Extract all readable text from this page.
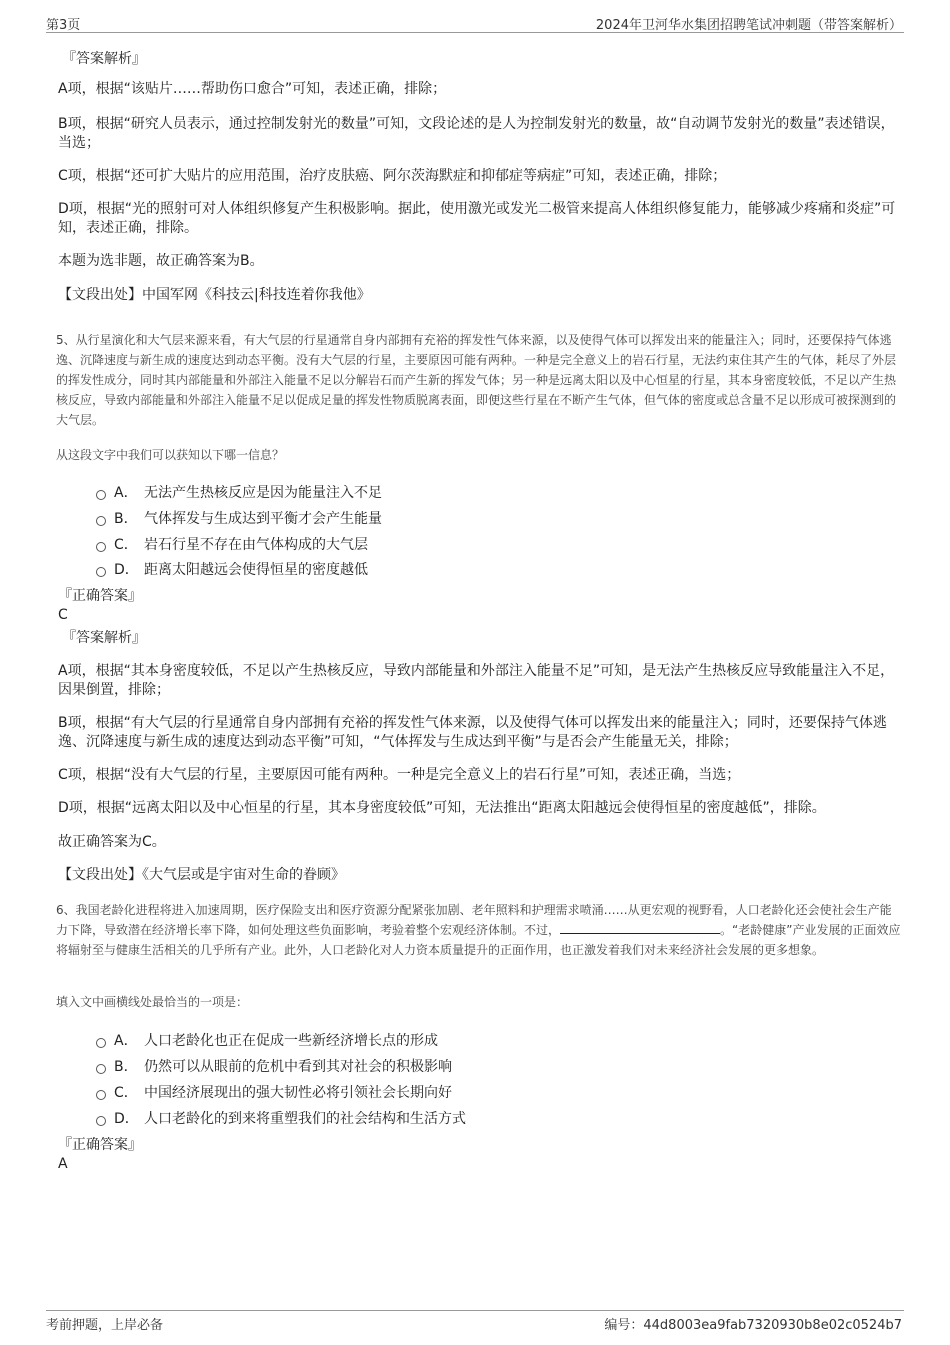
第3页	2024年卫河华水集团招聘笔试冲刺题（带答案解析）
『答案解析』
A项，根据“该贴片……帮助伤口愈合”可知，表述正确，排除；
B项，根据“研究人员表示，通过控制发射光的数量”可知，文段论述的是人为控制发射光的数量，故“自动调节发射光的数量”表述错误，当选；
C项，根据“还可扩大贴片的应用范围，治疗皮肤癌、阿尔茨海默症和抑郁症等病症”可知，表述正确，排除；
D项，根据“光的照射可对人体组织修复产生积极影响。据此，使用激光或发光二极管来提高人体组织修复能力，能够减少疼痛和炎症”可知，表述正确，排除。
本题为选非题，故正确答案为B。
【文段出处】中国军网《科技云|科技连着你我他》
5、从行星演化和大气层来源来看，有大气层的行星通常自身内部拥有充裕的挥发性气体来源，以及使得气体可以挥发出来的能量注入；同时，还要保持气体逃逸、沉降速度与新生成的速度达到动态平衡。没有大气层的行星，主要原因可能有两种。一种是完全意义上的岩石行星，无法约束住其产生的气体，耗尽了外层的挥发性成分，同时其内部能量和外部注入能量不足以分解岩石而产生新的挥发气体；另一种是远离太阳以及中心恒星的行星，其本身密度较低，不足以产生热核反应，导致内部能量和外部注入能量不足以促成足量的挥发性物质脱离表面，即便这些行星在不断产生气体，但气体的密度或总含量不足以形成可被探测到的大气层。
从这段文字中我们可以获知以下哪一信息？
A． 无法产生热核反应是因为能量注入不足
B． 气体挥发与生成达到平衡才会产生能量
C． 岩石行星不存在由气体构成的大气层
D． 距离太阳越远会使得恒星的密度越低
『正确答案』
C
『答案解析』
A项，根据“其本身密度较低，不足以产生热核反应，导致内部能量和外部注入能量不足”可知，是无法产生热核反应导致能量注入不足，因果倒置，排除；
B项，根据“有大气层的行星通常自身内部拥有充裕的挥发性气体来源，以及使得气体可以挥发出来的能量注入；同时，还要保持气体逃逸、沉降速度与新生成的速度达到动态平衡”可知，“气体挥发与生成达到平衡”与是否会产生能量无关，排除；
C项，根据“没有大气层的行星，主要原因可能有两种。一种是完全意义上的岩石行星”可知，表述正确，当选；
D项，根据“远离太阳以及中心恒星的行星，其本身密度较低”可知，无法推出“距离太阳越远会使得恒星的密度越低”，排除。
故正确答案为C。
【文段出处】《大气层或是宇宙对生命的眷顾》
6、我国老龄化进程将进入加速周期，医疗保险支出和医疗资源分配紧张加剧、老年照料和护理需求喷涌……从更宏观的视野看，人口老龄化还会使社会生产能力下降，导致潜在经济增长率下降，如何处理这些负面影响，考验着整个宏观经济体制。不过，	。“老龄健康”产业发展的正面效应将辐射至与健康生活相关的几乎所有产业。此外，人口老龄化对人力资本质量提升的正面作用，也正激发着我们对未来经济社会发展的更多想象。
填入文中画横线处最恰当的一项是：
A． 人口老龄化也正在促成一些新经济增长点的形成
B． 仍然可以从眼前的危机中看到其对社会的积极影响
C． 中国经济展现出的强大韧性必将引领社会长期向好
D． 人口老龄化的到来将重塑我们的社会结构和生活方式
『正确答案』
A
考前押题，上岸必备	编号：44d8003ea9fab7320930b8e02c0524b7
